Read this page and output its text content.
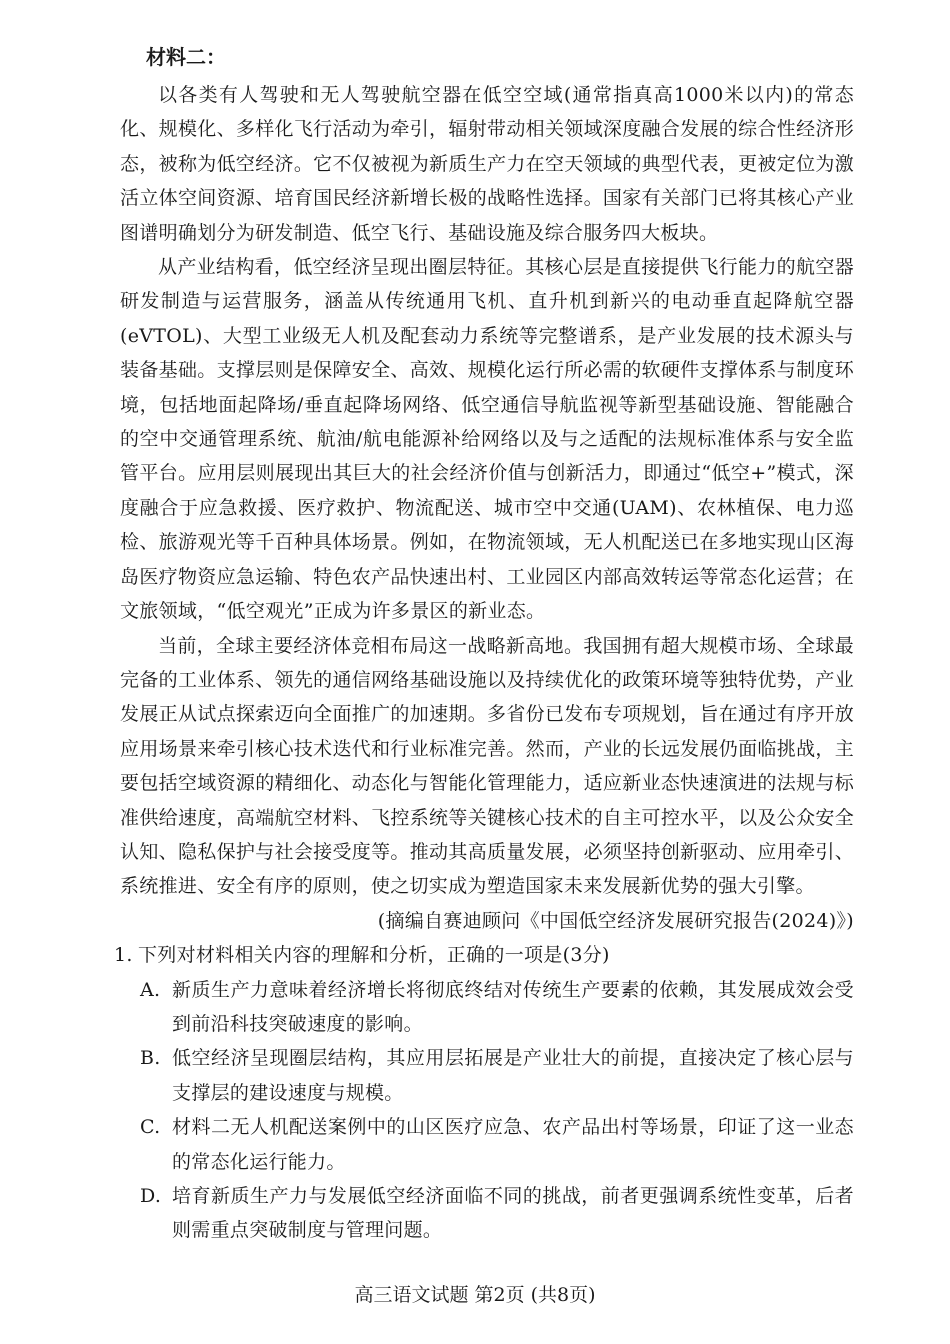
材料二：

以各类有人驾驶和无人驾驶航空器在低空空域(通常指真高1000米以内)的常态化、规模化、多样化飞行活动为牵引，辐射带动相关领域深度融合发展的综合性经济形态，被称为低空经济。它不仅被视为新质生产力在空天领域的典型代表，更被定位为激活立体空间资源、培育国民经济新增长极的战略性选择。国家有关部门已将其核心产业图谱明确划分为研发制造、低空飞行、基础设施及综合服务四大板块。

从产业结构看，低空经济呈现出圈层特征。其核心层是直接提供飞行能力的航空器研发制造与运营服务，涵盖从传统通用飞机、直升机到新兴的电动垂直起降航空器(eVTOL)、大型工业级无人机及配套动力系统等完整谱系，是产业发展的技术源头与装备基础。支撑层则是保障安全、高效、规模化运行所必需的软硬件支撑体系与制度环境，包括地面起降场/垂直起降场网络、低空通信导航监视等新型基础设施、智能融合的空中交通管理系统、航油/航电能源补给网络以及与之适配的法规标准体系与安全监管平台。应用层则展现出其巨大的社会经济价值与创新活力，即通过“低空+”模式，深度融合于应急救援、医疗救护、物流配送、城市空中交通(UAM)、农林植保、电力巡检、旅游观光等千百种具体场景。例如，在物流领域，无人机配送已在多地实现山区海岛医疗物资应急运输、特色农产品快速出村、工业园区内部高效转运等常态化运营；在文旅领域，“低空观光”正成为许多景区的新业态。

当前，全球主要经济体竞相布局这一战略新高地。我国拥有超大规模市场、全球最完备的工业体系、领先的通信网络基础设施以及持续优化的政策环境等独特优势，产业发展正从试点探索迈向全面推广的加速期。多省份已发布专项规划，旨在通过有序开放应用场景来牵引核心技术迭代和行业标准完善。然而，产业的长远发展仍面临挑战，主要包括空域资源的精细化、动态化与智能化管理能力，适应新业态快速演进的法规与标准供给速度，高端航空材料、飞控系统等关键核心技术的自主可控水平，以及公众安全认知、隐私保护与社会接受度等。推动其高质量发展，必须坚持创新驱动、应用牵引、系统推进、安全有序的原则，使之切实成为塑造国家未来发展新优势的强大引擎。

(摘编自赛迪顾问《中国低空经济发展研究报告(2024)》)

1. 下列对材料相关内容的理解和分析，正确的一项是(3分)

A. 新质生产力意味着经济增长将彻底终结对传统生产要素的依赖，其发展成效会受到前沿科技突破速度的影响。
B. 低空经济呈现圈层结构，其应用层拓展是产业壮大的前提，直接决定了核心层与支撑层的建设速度与规模。
C. 材料二无人机配送案例中的山区医疗应急、农产品出村等场景，印证了这一业态的常态化运行能力。
D. 培育新质生产力与发展低空经济面临不同的挑战，前者更强调系统性变革，后者则需重点突破制度与管理问题。
高三语文试题 第2页 (共8页)
